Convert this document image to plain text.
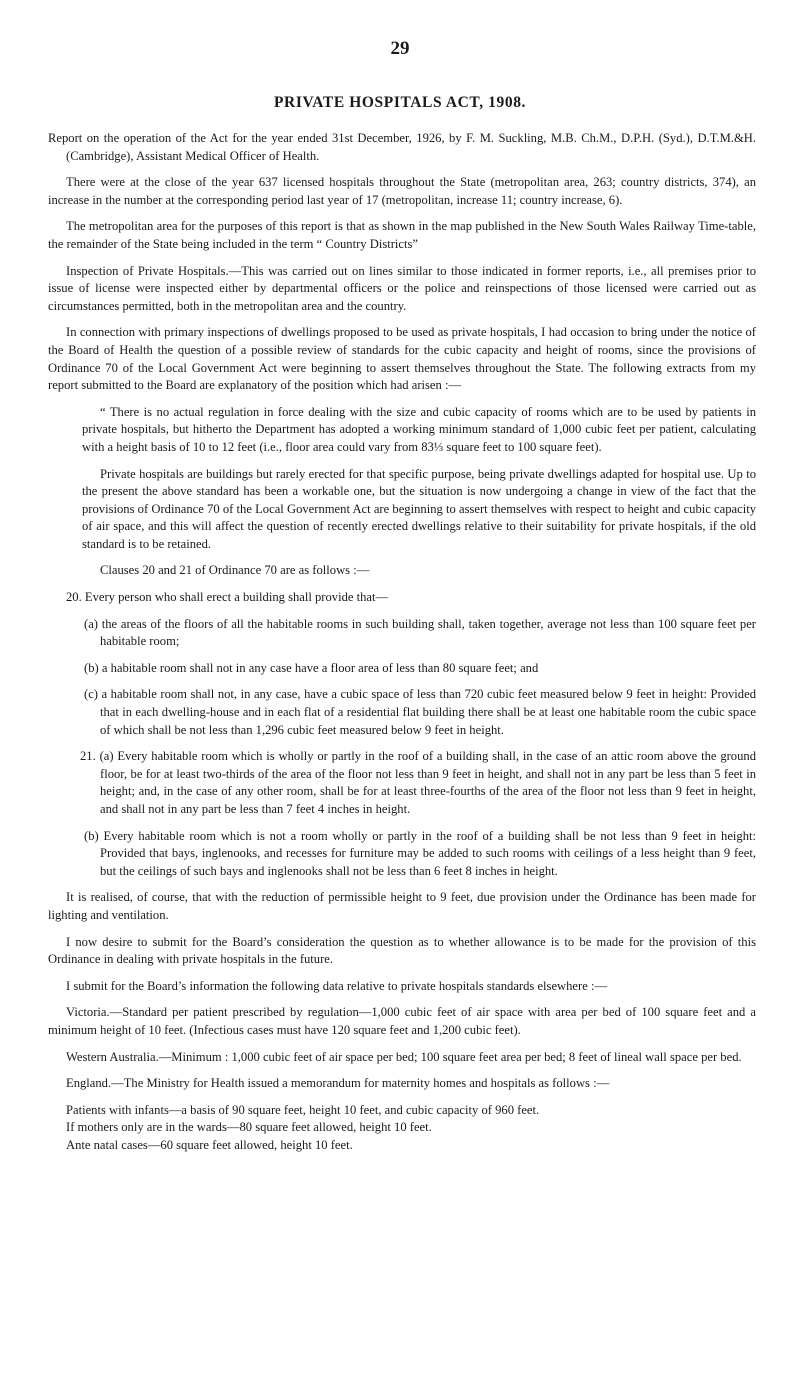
29
PRIVATE HOSPITALS ACT, 1908.

Report on the operation of the Act for the year ended 31st December, 1926, by F. M. Suckling, M.B. Ch.M., D.P.H. (Syd.), D.T.M.&H. (Cambridge), Assistant Medical Officer of Health.

There were at the close of the year 637 licensed hospitals throughout the State (metropolitan area, 263; country districts, 374), an increase in the number at the corresponding period last year of 17 (metropolitan, increase 11; country increase, 6).

The metropolitan area for the purposes of this report is that as shown in the map published in the New South Wales Railway Time-table, the remainder of the State being included in the term “ Country Districts”

Inspection of Private Hospitals.—This was carried out on lines similar to those indicated in former reports, i.e., all premises prior to issue of license were inspected either by departmental officers or the police and reinspections of those licensed were carried out as circumstances permitted, both in the metropolitan area and the country.

In connection with primary inspections of dwellings proposed to be used as private hospitals, I had occasion to bring under the notice of the Board of Health the question of a possible review of standards for the cubic capacity and height of rooms, since the provisions of Ordinance 70 of the Local Government Act were beginning to assert themselves throughout the State. The following extracts from my report submitted to the Board are explanatory of the position which had arisen :—

“ There is no actual regulation in force dealing with the size and cubic capacity of rooms which are to be used by patients in private hospitals, but hitherto the Department has adopted a working minimum standard of 1,000 cubic feet per patient, calculating with a height basis of 10 to 12 feet (i.e., floor area could vary from 83⅓ square feet to 100 square feet).

Private hospitals are buildings but rarely erected for that specific purpose, being private dwellings adapted for hospital use. Up to the present the above standard has been a workable one, but the situation is now undergoing a change in view of the fact that the provisions of Ordinance 70 of the Local Government Act are beginning to assert themselves with respect to height and cubic capacity of air space, and this will affect the question of recently erected dwellings relative to their suitability for private hospitals, if the old standard is to be retained.

Clauses 20 and 21 of Ordinance 70 are as follows :—

20. Every person who shall erect a building shall provide that—

(a) the areas of the floors of all the habitable rooms in such building shall, taken together, average not less than 100 square feet per habitable room;

(b) a habitable room shall not in any case have a floor area of less than 80 square feet; and

(c) a habitable room shall not, in any case, have a cubic space of less than 720 cubic feet measured below 9 feet in height: Provided that in each dwelling-house and in each flat of a residential flat building there shall be at least one habitable room the cubic space of which shall be not less than 1,296 cubic feet measured below 9 feet in height.

21. (a) Every habitable room which is wholly or partly in the roof of a building shall, in the case of an attic room above the ground floor, be for at least two-thirds of the area of the floor not less than 9 feet in height, and shall not in any part be less than 5 feet in height; and, in the case of any other room, shall be for at least three-fourths of the area of the floor not less than 9 feet in height, and shall not in any part be less than 7 feet 4 inches in height.

(b) Every habitable room which is not a room wholly or partly in the roof of a building shall be not less than 9 feet in height: Provided that bays, inglenooks, and recesses for furniture may be added to such rooms with ceilings of a less height than 9 feet, but the ceilings of such bays and inglenooks shall not be less than 6 feet 8 inches in height.

It is realised, of course, that with the reduction of permissible height to 9 feet, due provision under the Ordinance has been made for lighting and ventilation.

I now desire to submit for the Board’s consideration the question as to whether allowance is to be made for the provision of this Ordinance in dealing with private hospitals in the future.

I submit for the Board’s information the following data relative to private hospitals standards elsewhere :—

Victoria.—Standard per patient prescribed by regulation—1,000 cubic feet of air space with area per bed of 100 square feet and a minimum height of 10 feet. (Infectious cases must have 120 square feet and 1,200 cubic feet).

Western Australia.—Minimum : 1,000 cubic feet of air space per bed; 100 square feet area per bed; 8 feet of lineal wall space per bed.

England.—The Ministry for Health issued a memorandum for maternity homes and hospitals as follows :—

Patients with infants—a basis of 90 square feet, height 10 feet, and cubic capacity of 960 feet.

If mothers only are in the wards—80 square feet allowed, height 10 feet.

Ante natal cases—60 square feet allowed, height 10 feet.
